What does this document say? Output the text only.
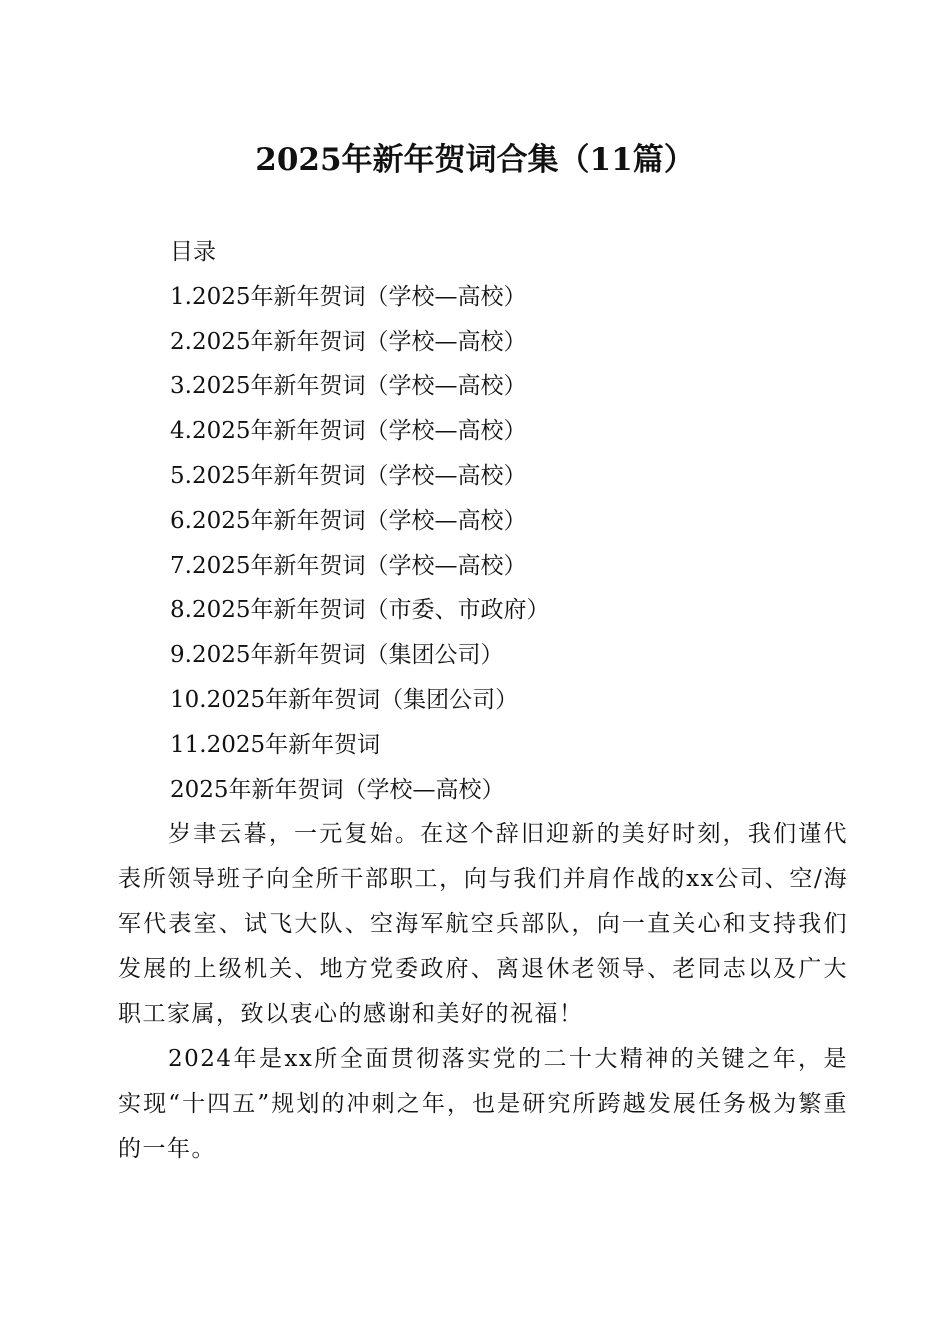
2025年新年贺词合集（11篇）
目录
1.2025年新年贺词（学校—高校）
2.2025年新年贺词（学校—高校）
3.2025年新年贺词（学校—高校）
4.2025年新年贺词（学校—高校）
5.2025年新年贺词（学校—高校）
6.2025年新年贺词（学校—高校）
7.2025年新年贺词（学校—高校）
8.2025年新年贺词（市委、市政府）
9.2025年新年贺词（集团公司）
10.2025年新年贺词（集团公司）
11.2025年新年贺词
2025年新年贺词（学校—高校）

岁聿云暮，一元复始。在这个辞旧迎新的美好时刻，我们谨代表所领导班子向全所干部职工，向与我们并肩作战的xx公司、空/海军代表室、试飞大队、空海军航空兵部队，向一直关心和支持我们发展的上级机关、地方党委政府、离退休老领导、老同志以及广大职工家属，致以衷心的感谢和美好的祝福！

2024年是xx所全面贯彻落实党的二十大精神的关键之年，是实现“十四五”规划的冲刺之年，也是研究所跨越发展任务极为繁重的一年。
